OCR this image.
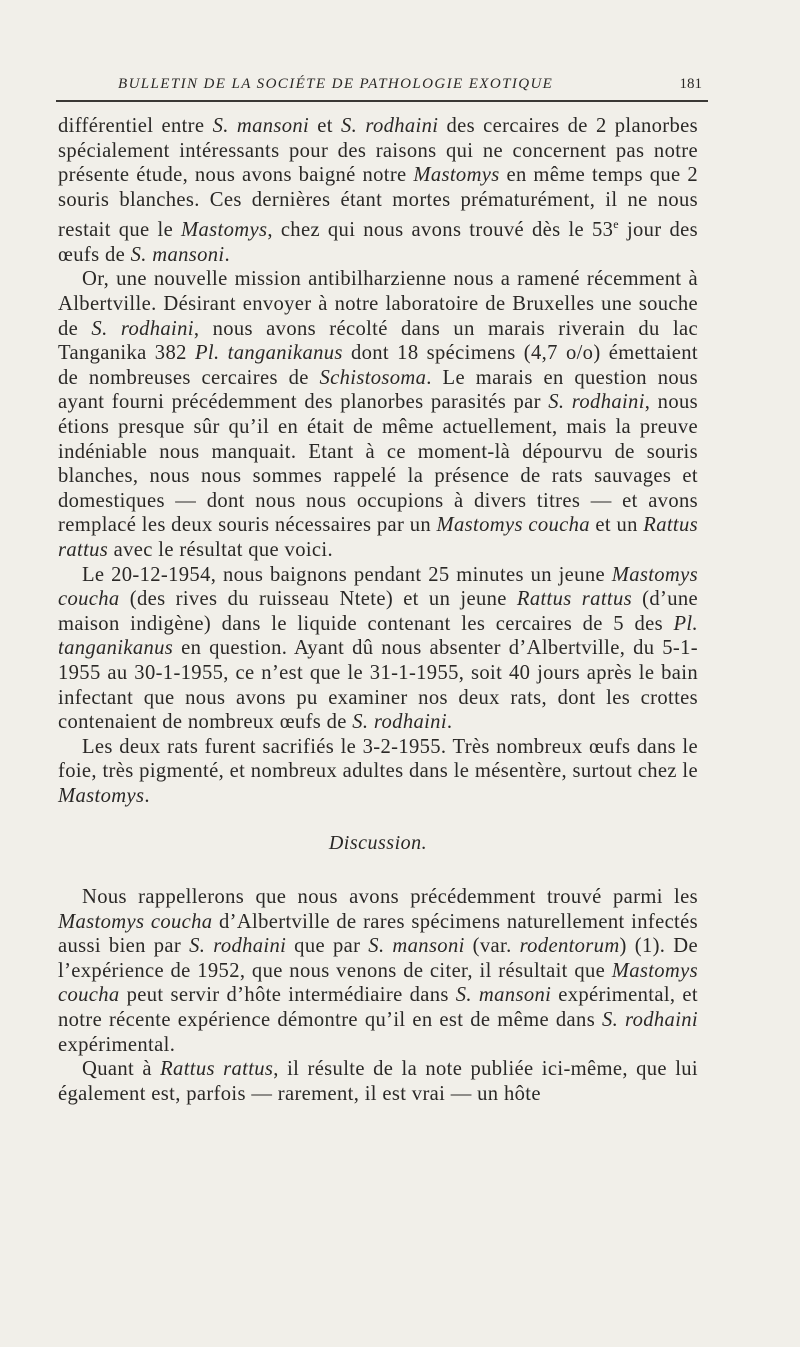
BULLETIN DE LA SOCIÉTE DE PATHOLOGIE EXOTIQUE	181

différentiel entre S. mansoni et S. rodhaini des cercaires de 2 planorbes spécialement intéressants pour des raisons qui ne concernent pas notre présente étude, nous avons baigné notre Mastomys en même temps que 2 souris blanches. Ces dernières étant mortes prématurément, il ne nous restait que le Mastomys, chez qui nous avons trouvé dès le 53e jour des œufs de S. mansoni.

Or, une nouvelle mission antibilharzienne nous a ramené récemment à Albertville. Désirant envoyer à notre laboratoire de Bruxelles une souche de S. rodhaini, nous avons récolté dans un marais riverain du lac Tanganika 382 Pl. tanganikanus dont 18 spécimens (4,7 o/o) émettaient de nombreuses cercaires de Schistosoma. Le marais en question nous ayant fourni précédemment des planorbes parasités par S. rodhaini, nous étions presque sûr qu’il en était de même actuellement, mais la preuve indéniable nous manquait. Etant à ce moment-là dépourvu de souris blanches, nous nous sommes rappelé la présence de rats sauvages et domestiques — dont nous nous occupions à divers titres — et avons remplacé les deux souris nécessaires par un Mastomys coucha et un Rattus rattus avec le résultat que voici.

Le 20-12-1954, nous baignons pendant 25 minutes un jeune Mastomys coucha (des rives du ruisseau Ntete) et un jeune Rattus rattus (d’une maison indigène) dans le liquide contenant les cercaires de 5 des Pl. tanganikanus en question. Ayant dû nous absenter d’Albertville, du 5-1-1955 au 30-1-1955, ce n’est que le 31-1-1955, soit 40 jours après le bain infectant que nous avons pu examiner nos deux rats, dont les crottes contenaient de nombreux œufs de S. rodhaini.

Les deux rats furent sacrifiés le 3-2-1955. Très nombreux œufs dans le foie, très pigmenté, et nombreux adultes dans le mésentère, surtout chez le Mastomys.

Discussion.

Nous rappellerons que nous avons précédemment trouvé parmi les Mastomys coucha d’Albertville de rares spécimens naturellement infectés aussi bien par S. rodhaini que par S. mansoni (var. rodentorum) (1). De l’expérience de 1952, que nous venons de citer, il résultait que Mastomys coucha peut servir d’hôte intermédiaire dans S. mansoni expérimental, et notre récente expérience démontre qu’il en est de même dans S. rodhaini expérimental.

Quant à Rattus rattus, il résulte de la note publiée ici-même, que lui également est, parfois — rarement, il est vrai — un hôte
